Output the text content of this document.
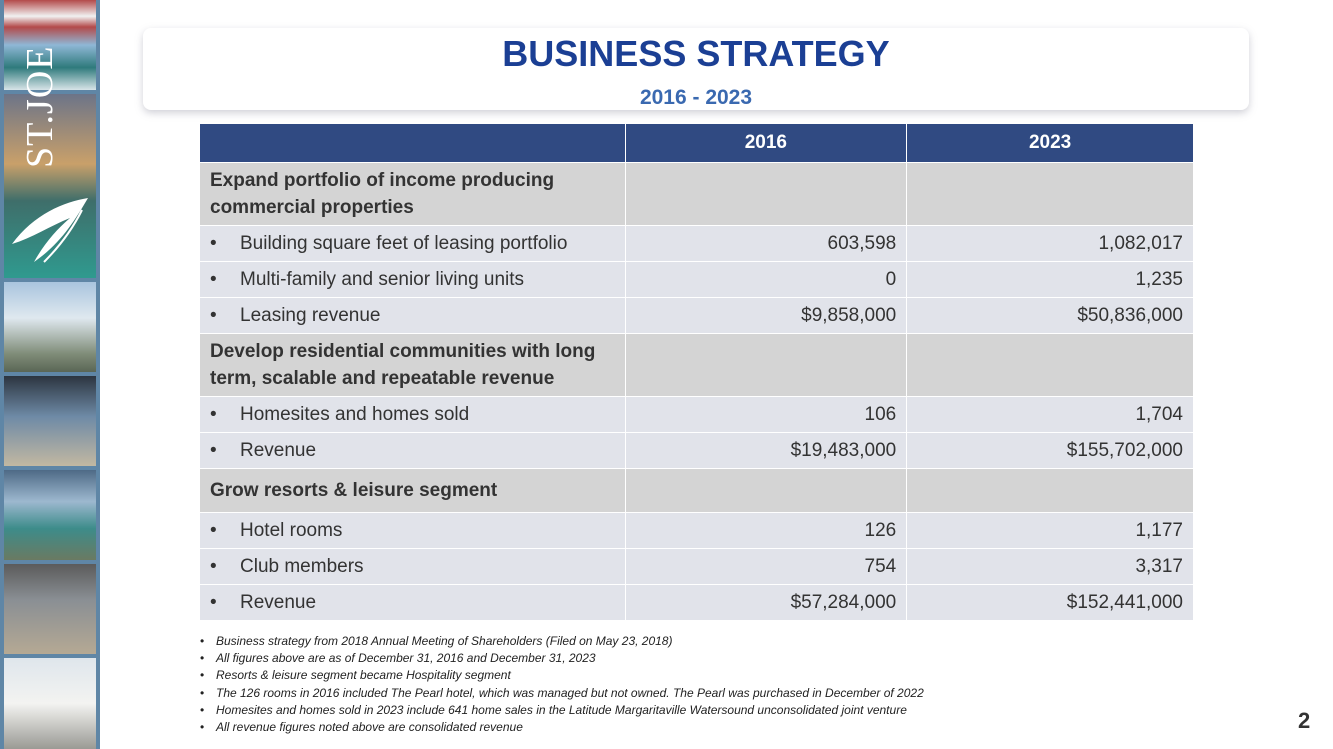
ST.JOE	BUSINESS STRATEGY
2016 - 2023
	2016	2023
Expand portfolio of income producing commercial properties		
• Building square feet of leasing portfolio	603,598	1,082,017
• Multi-family and senior living units	0	1,235
• Leasing revenue	$9,858,000	$50,836,000
Develop residential communities with long term, scalable and repeatable revenue		
• Homesites and homes sold	106	1,704
• Revenue	$19,483,000	$155,702,000
Grow resorts & leisure segment		
• Hotel rooms	126	1,177
• Club members	754	3,317
• Revenue	$57,284,000	$152,441,000
• Business strategy from 2018 Annual Meeting of Shareholders (Filed on May 23, 2018)
• All figures above are as of December 31, 2016 and December 31, 2023
• Resorts & leisure segment became Hospitality segment
• The 126 rooms in 2016 included The Pearl hotel, which was managed but not owned. The Pearl was purchased in December of 2022
• Homesites and homes sold in 2023 include 641 home sales in the Latitude Margaritaville Watersound unconsolidated joint venture
• All revenue figures noted above are consolidated revenue	2
